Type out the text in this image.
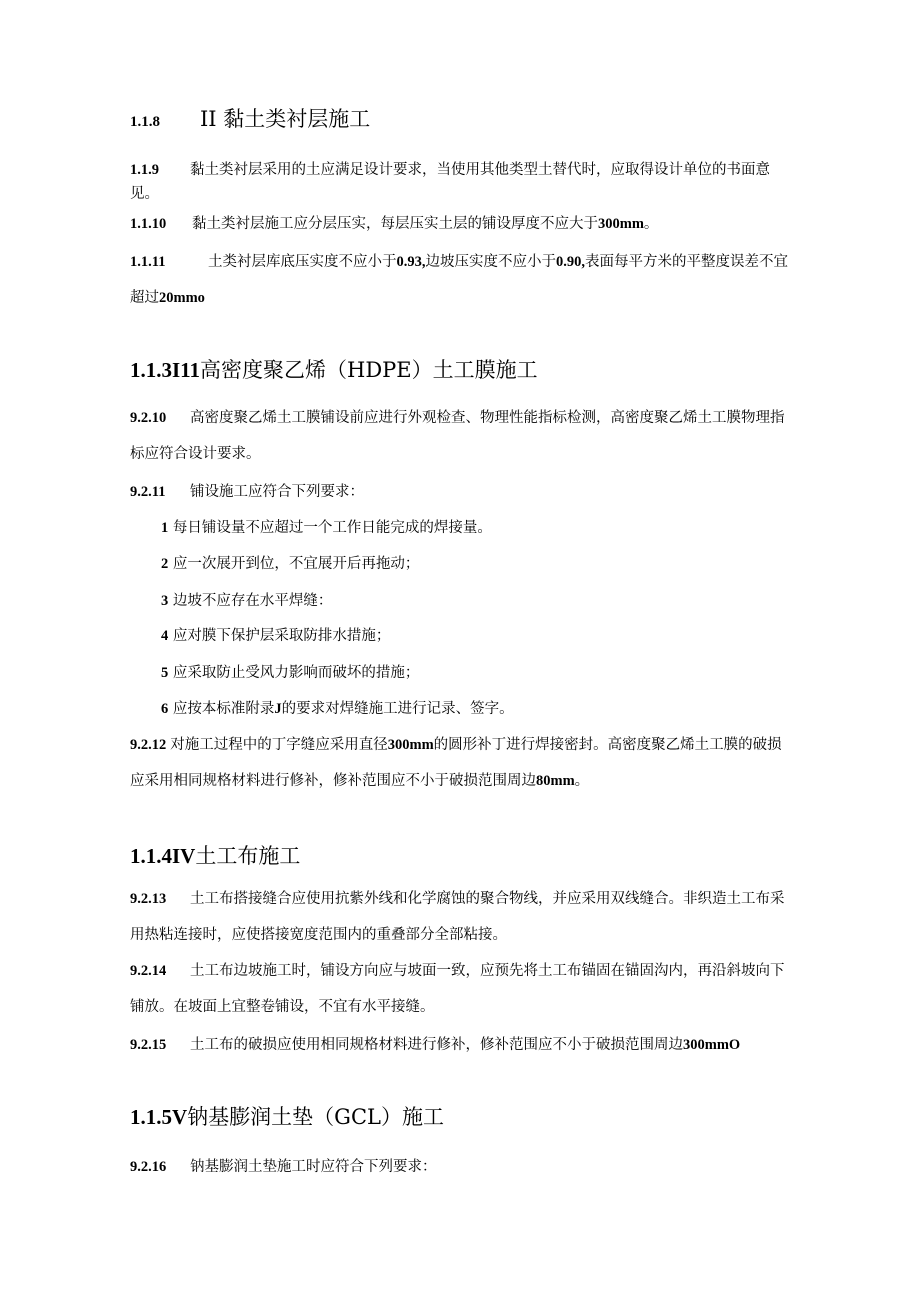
1.1.8 II 黏土类衬层施工
1.1.9 黏土类衬层采用的土应满足设计要求，当使用其他类型土替代时，应取得设计单位的书面意见。
1.1.10 黏土类衬层施工应分层压实，每层压实土层的铺设厚度不应大于300mm。
1.1.11	土类衬层库底压实度不应小于0.93,边坡压实度不应小于0.90,表面每平方米的平整度误差不宜超过20mmo
1.1.3I11高密度聚乙烯（HDPE）土工膜施工
9.2.10 高密度聚乙烯土工膜铺设前应进行外观检查、物理性能指标检测，高密度聚乙烯土工膜物理指标应符合设计要求。
9.2.11 铺设施工应符合下列要求：
1 每日铺设量不应超过一个工作日能完成的焊接量。
2 应一次展开到位，不宜展开后再拖动；
3 边坡不应存在水平焊缝：
4 应对膜下保护层采取防排水措施；
5 应采取防止受风力影响而破坏的措施；
6 应按本标准附录J的要求对焊缝施工进行记录、签字。
9.2.12 对施工过程中的丁字缝应采用直径300mm的圆形补丁进行焊接密封。高密度聚乙烯土工膜的破损应采用相同规格材料进行修补，修补范围应不小于破损范围周边80mm。
1.1.4IV土工布施工
9.2.13 土工布搭接缝合应使用抗紫外线和化学腐蚀的聚合物线，并应采用双线缝合。非织造土工布采用热粘连接时，应使搭接宽度范围内的重叠部分全部粘接。
9.2.14 土工布边坡施工时，铺设方向应与坡面一致，应预先将土工布锚固在锚固沟内，再沿斜坡向下铺放。在坡面上宜整卷铺设，不宜有水平接缝。
9.2.15 土工布的破损应使用相同规格材料进行修补，修补范围应不小于破损范围周边300mmO
1.1.5V钠基膨润土垫（GCL）施工
9.2.16 钠基膨润土垫施工时应符合下列要求：
